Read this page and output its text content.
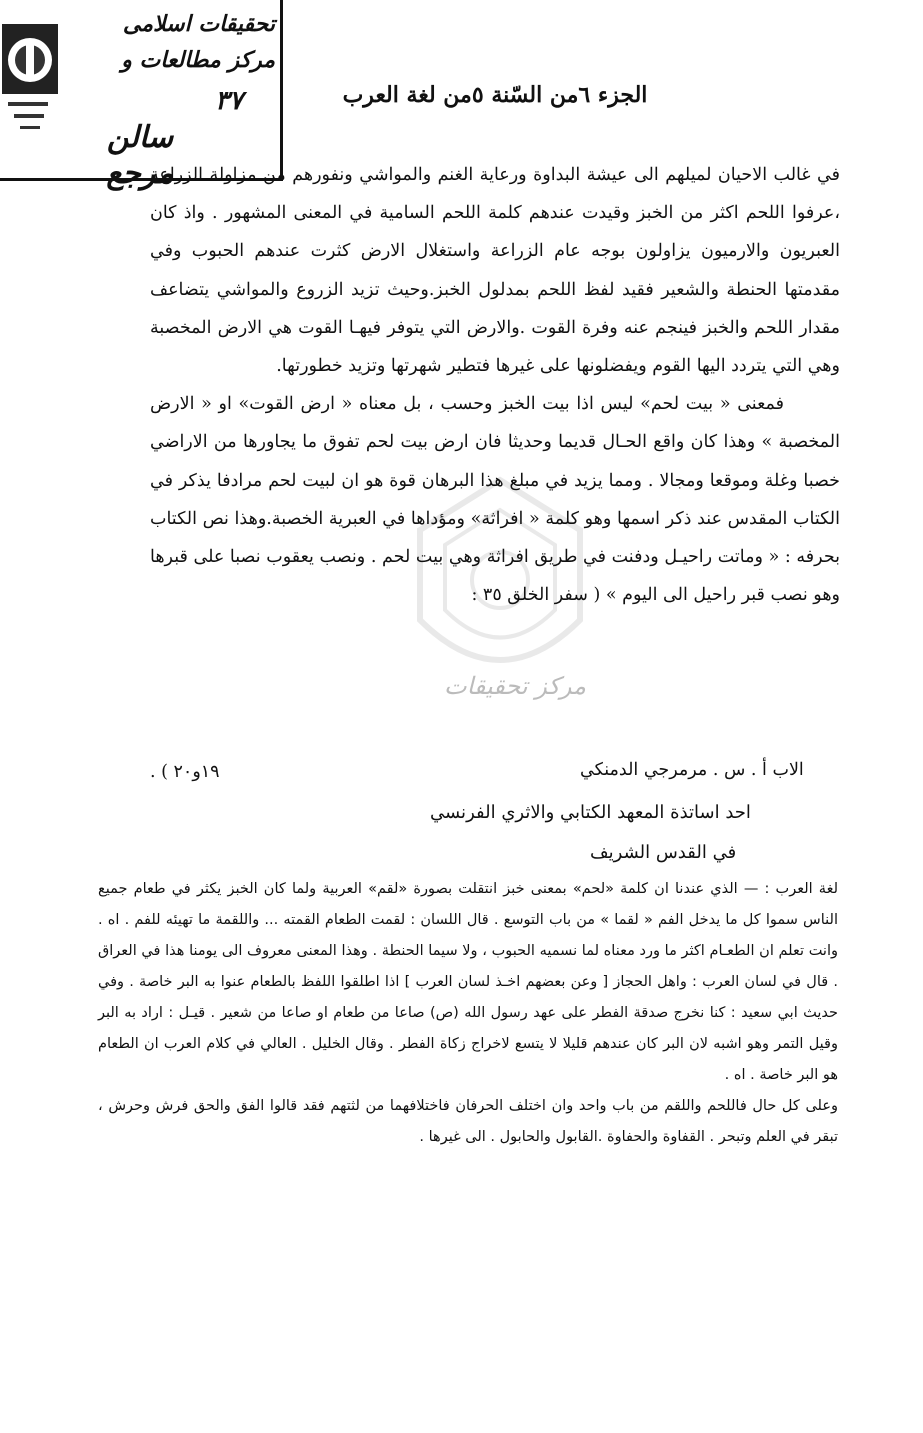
تحقيقات اسلامی
مرکز مطالعات و
۳۷
سالن مرجع
الجزء ٦من السّنة ٥من لغة العرب
مرکز تحقیقات

في غالب الاحيان لميلهم الى عيشة البداوة ورعاية الغنم والمواشي ونفورهم من مزاولة الزراعة ،عرفوا اللحم اكثر من الخبز وقيدت عندهم كلمة اللحم السامية في المعنى المشهور . واذ كان العبريون والارميون يزاولون بوجه عام الزراعة واستغلال الارض كثرت عندهم الحبوب وفي مقدمتها الحنطة والشعير فقيد لفظ اللحم بمدلول الخبز.وحيث تزيد الزروع والمواشي يتضاعف مقدار اللحم والخبز فينجم عنه وفرة القوت .والارض التي يتوفر فيهـا القوت هي الارض المخصبة وهي التي يتردد اليها القوم ويفضلونها على غيرها فتطير شهرتها وتزيد خطورتها.

فمعنى « بيت لحم» ليس اذا بيت الخبز وحسب ، بل معناه « ارض القوت» او « الارض المخصبة » وهذا كان واقع الحـال قديما وحديثا فان ارض بيت لحم تفوق ما يجاورها من الاراضي خصبا وغلة وموقعا ومجالا . ومما يزيد في مبلغ هذا البرهان قوة هو ان لبيت لحم مرادفا يذكر في الكتاب المقدس عند ذكر اسمها وهو كلمة « افراثة» ومؤداها في العبرية الخصبة.وهذا نص الكتاب بحرفه : « وماتت راحيـل ودفنت في طريق افراثة وهي بيت لحم . ونصب يعقوب نصبا على قبرها وهو نصب قبر راحيل الى اليوم » ( سفر الخلق ٣٥ :

١٩و٢٠ ) .	الاب أ . س . مرمرجي الدمنكي
احد اساتذة المعهد الكتابي والاثري الفرنسي
في القدس الشريف

لغة العرب : — الذي عندنا ان كلمة «لحم» بمعنى خبز انتقلت بصورة «لقم» العربية ولما كان الخبز يكثر في طعام جميع الناس سموا كل ما يدخل الفم « لقما » من باب التوسع . قال اللسان : لقمت الطعام القمته ... واللقمة ما تهيئه للفم . اه . وانت تعلم ان الطعـام اكثر ما ورد معناه لما نسميه الحبوب ، ولا سيما الحنطة . وهذا المعنى معروف الى يومنا هذا في العراق . قال في لسان العرب : واهل الحجاز [ وعن بعضهم اخـذ لسان العرب ] اذا اطلقوا اللفظ بالطعام عنوا به البر خاصة . وفي حديث ابي سعيد : كنا نخرج صدقة الفطر على عهد رسول الله (ص) صاعا من طعام او صاعا من شعير . قيـل : اراد به البر وقيل التمر وهو اشبه لان البر كان عندهم قليلا لا يتسع لاخراج زكاة الفطر . وقال الخليل . العالي في كلام العرب ان الطعام هو البر خاصة . اه .

وعلى كل حال فاللحم واللقم من باب واحد وان اختلف الحرفان فاختلافهما من لثتهم فقد قالوا الفق والحق فرش وحرش ، تبقر في العلم وتبحر . القفاوة والحفاوة .القابول والحابول . الى غيرها .
